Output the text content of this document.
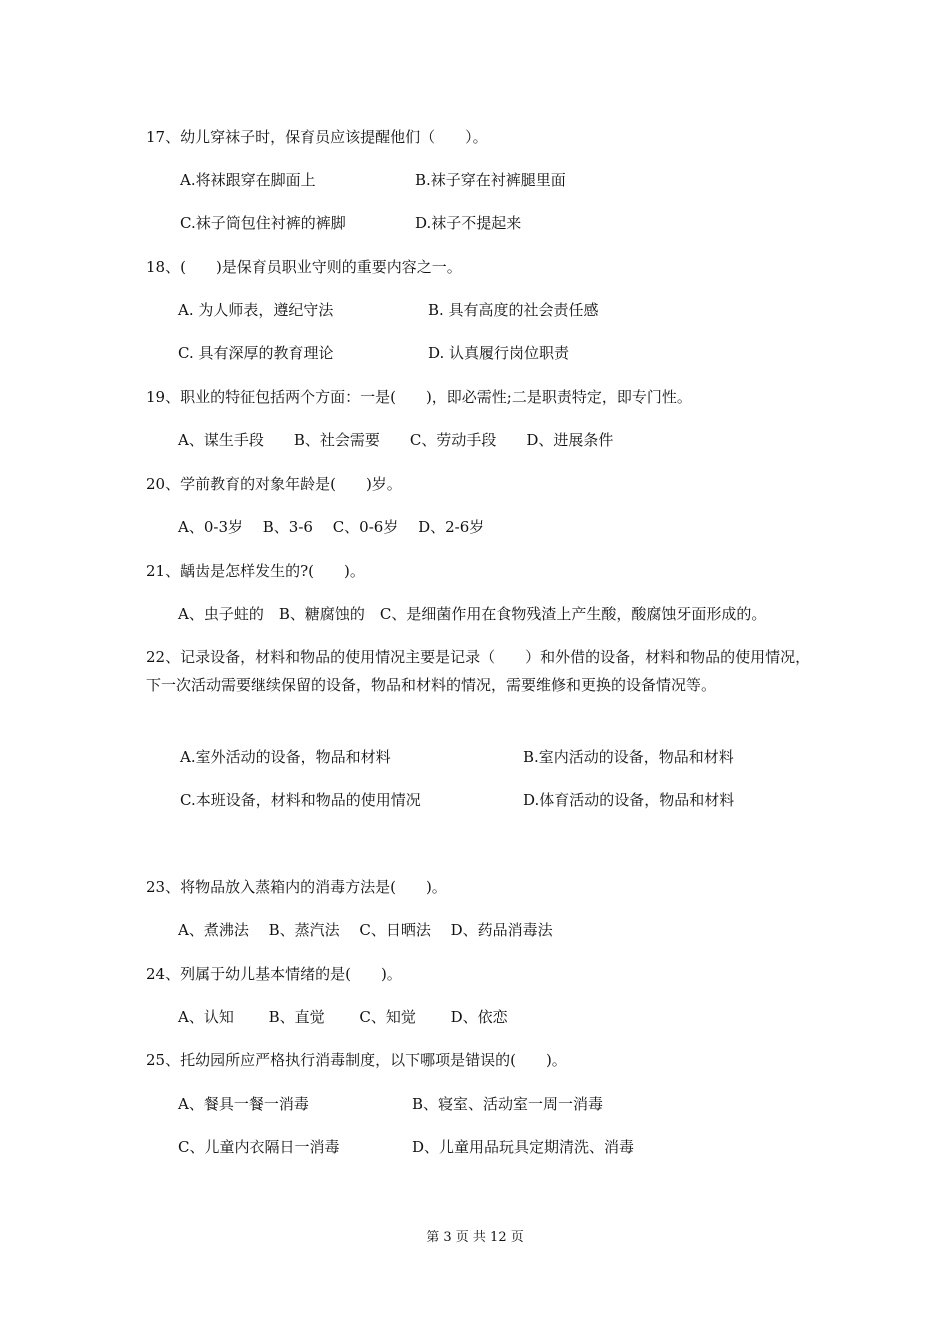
17、幼儿穿袜子时，保育员应该提醒他们（　　）。
A.将袜跟穿在脚面上	B.袜子穿在衬裤腿里面
C.袜子筒包住衬裤的裤脚	D.袜子不提起来
18、(　　)是保育员职业守则的重要内容之一。
A. 为人师表，遵纪守法	B. 具有高度的社会责任感
C. 具有深厚的教育理论	D. 认真履行岗位职责
19、职业的特征包括两个方面：一是(　　)，即必需性;二是职责特定，即专门性。
A、谋生手段　　B、社会需要　　C、劳动手段　　D、进展条件
20、学前教育的对象年龄是(　　)岁。
A、0-3岁　 B、3-6　 C、0-6岁　 D、2-6岁
21、龋齿是怎样发生的?(　　)。
A、虫子蛀的　B、糖腐蚀的　C、是细菌作用在食物残渣上产生酸，酸腐蚀牙面形成的。
22、记录设备，材料和物品的使用情况主要是记录（　　）和外借的设备，材料和物品的使用情况，下一次活动需要继续保留的设备，物品和材料的情况，需要维修和更换的设备情况等。
A.室外活动的设备，物品和材料	B.室内活动的设备，物品和材料
C.本班设备，材料和物品的使用情况	D.体育活动的设备，物品和材料
23、将物品放入蒸箱内的消毒方法是(　　)。
A、煮沸法　 B、蒸汽法　 C、日晒法　 D、药品消毒法
24、列属于幼儿基本情绪的是(　　)。
A、认知　　 B、直觉　　 C、知觉　　 D、依恋
25、托幼园所应严格执行消毒制度，以下哪项是错误的(　　)。
A、餐具一餐一消毒	B、寝室、活动室一周一消毒
C、儿童内衣隔日一消毒	D、儿童用品玩具定期清洗、消毒
第 3 页 共 12 页
